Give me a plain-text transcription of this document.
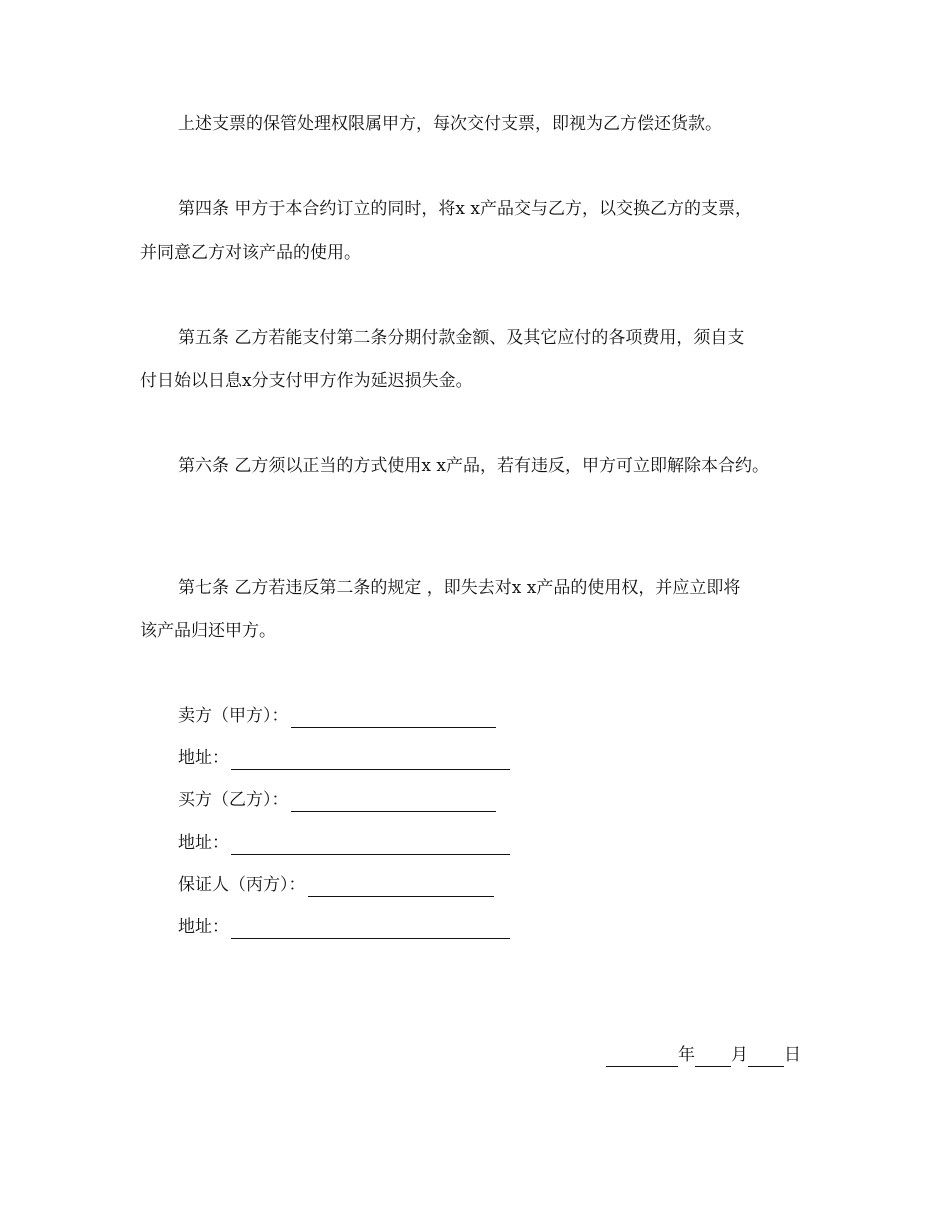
上述支票的保管处理权限属甲方，每次交付支票，即视为乙方偿还货款。
第四条 甲方于本合约订立的同时，将x x产品交与乙方，以交换乙方的支票，
并同意乙方对该产品的使用。
第五条 乙方若能支付第二条分期付款金额、及其它应付的各项费用，须自支
付日始以日息x分支付甲方作为延迟损失金。
第六条 乙方须以正当的方式使用x x产品，若有违反，甲方可立即解除本合约。
第七条 乙方若违反第二条的规定 ，即失去对x x产品的使用权，并应立即将
该产品归还甲方。
卖方（甲方）：
地址：
买方（乙方）：
地址：
保证人（丙方）：
地址：
年 月 日
